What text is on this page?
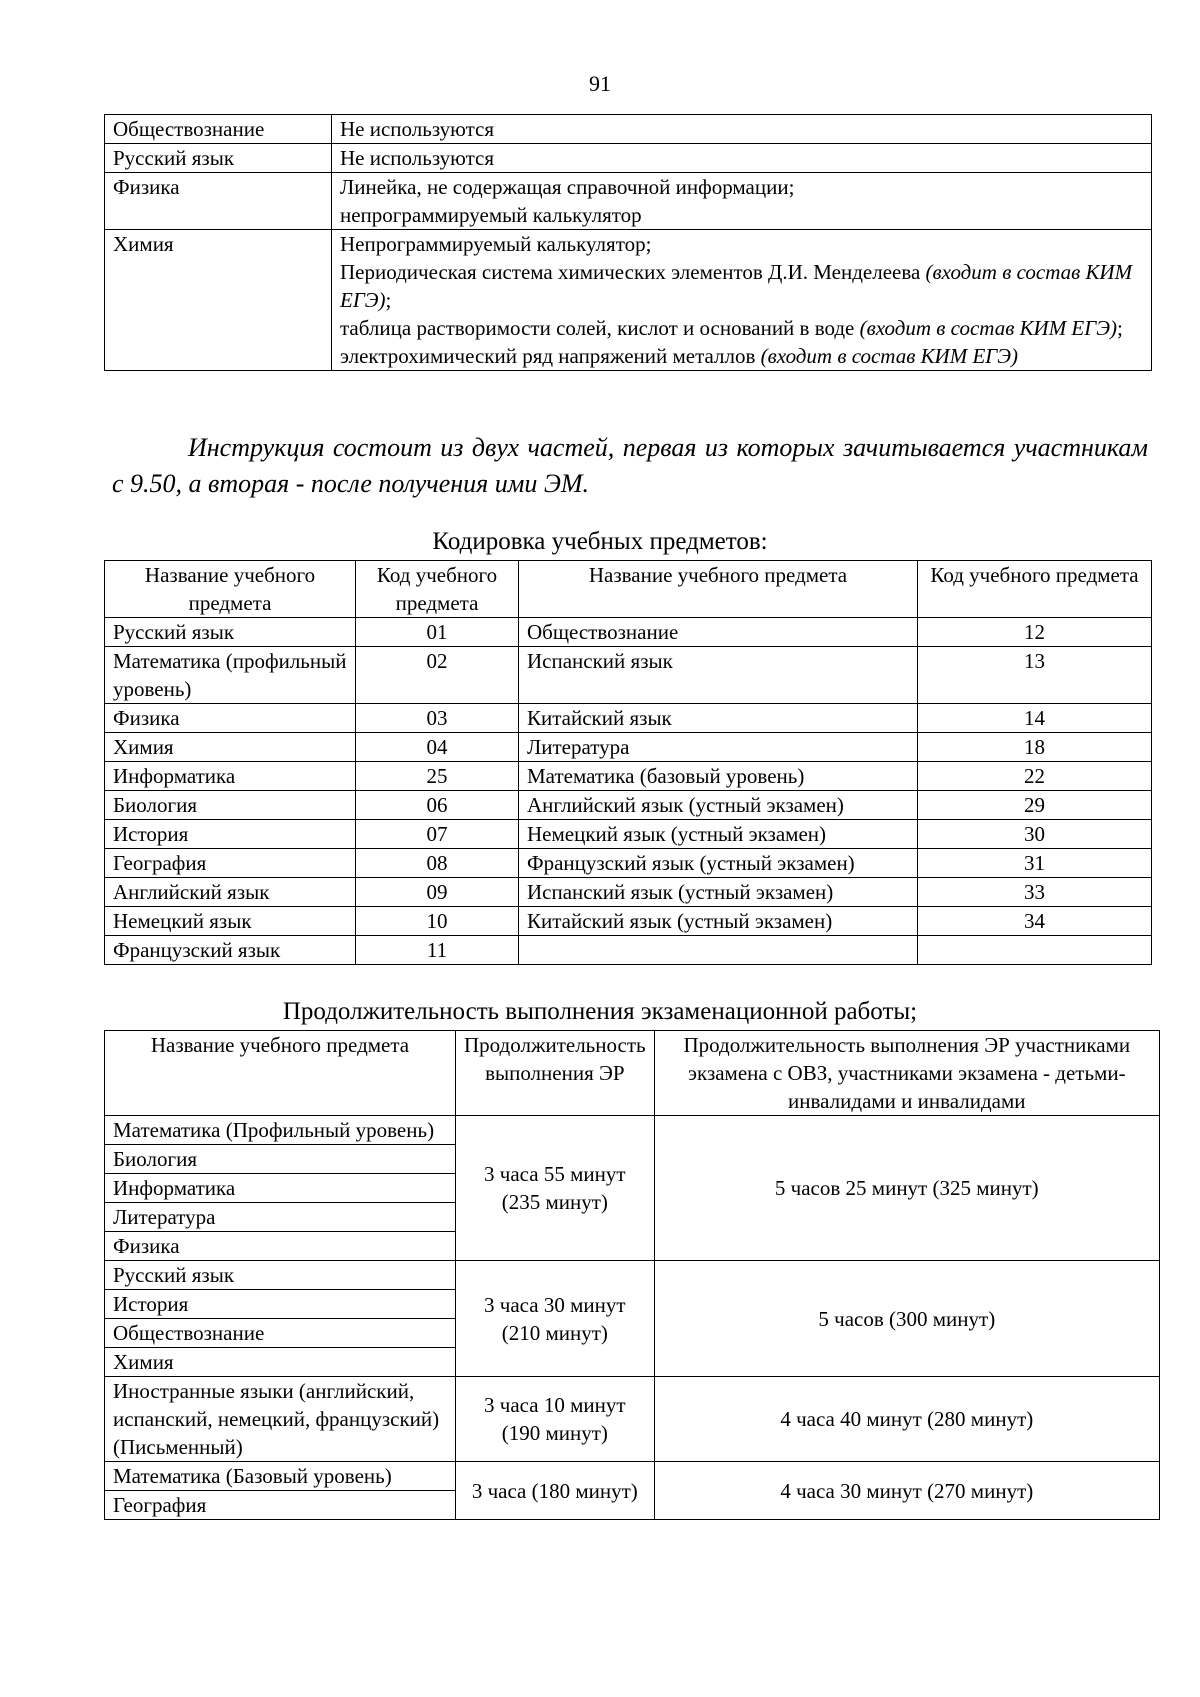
91
Обществознание	Не используются
Русский язык	Не используются
Физика	Линейка, не содержащая справочной информации;
непрограммируемый калькулятор

Химия	Непрограммируемый калькулятор;
Периодическая система химических элементов Д.И. Менделеева (входит в состав КИМ ЕГЭ);
таблица растворимости солей, кислот и оснований в воде (входит в состав КИМ ЕГЭ);
электрохимический ряд напряжений металлов (входит в состав КИМ ЕГЭ)
Инструкция состоит из двух частей, первая из которых зачитывается участникам с 9.50, а вторая - после получения ими ЭМ.
Кодировка учебных предметов:
Название учебного предмета	Код учебного предмета	Название учебного предмета	Код учебного предмета
Русский язык	01	Обществознание	12
Математика (профильный уровень)	02	Испанский язык	13
Физика	03	Китайский язык	14
Химия	04	Литература	18
Информатика	25	Математика (базовый уровень)	22
Биология	06	Английский язык (устный экзамен)	29
История	07	Немецкий язык (устный экзамен)	30
География	08	Французский язык (устный экзамен)	31
Английский язык	09	Испанский язык (устный экзамен)	33
Немецкий язык	10	Китайский язык (устный экзамен)	34
Французский язык	11		
Продолжительность выполнения экзаменационной работы;
Название учебного предмета	Продолжительность выполнения ЭР	Продолжительность выполнения ЭР участниками экзамена с ОВЗ, участниками экзамена - детьми-инвалидами и инвалидами
Математика (Профильный уровень)	3 часа 55 минут (235 минут)	5 часов 25 минут (325 минут)
Биология		
Информатика		
Литература		
Физика		
Русский язык	3 часа 30 минут (210 минут)	5 часов (300 минут)
История		
Обществознание		
Химия		
Иностранные языки (английский, испанский, немецкий, французский) (Письменный)	3 часа 10 минут (190 минут)	4 часа 40 минут (280 минут)
Математика (Базовый уровень)	3 часа (180 минут)	4 часа 30 минут (270 минут)
География		
